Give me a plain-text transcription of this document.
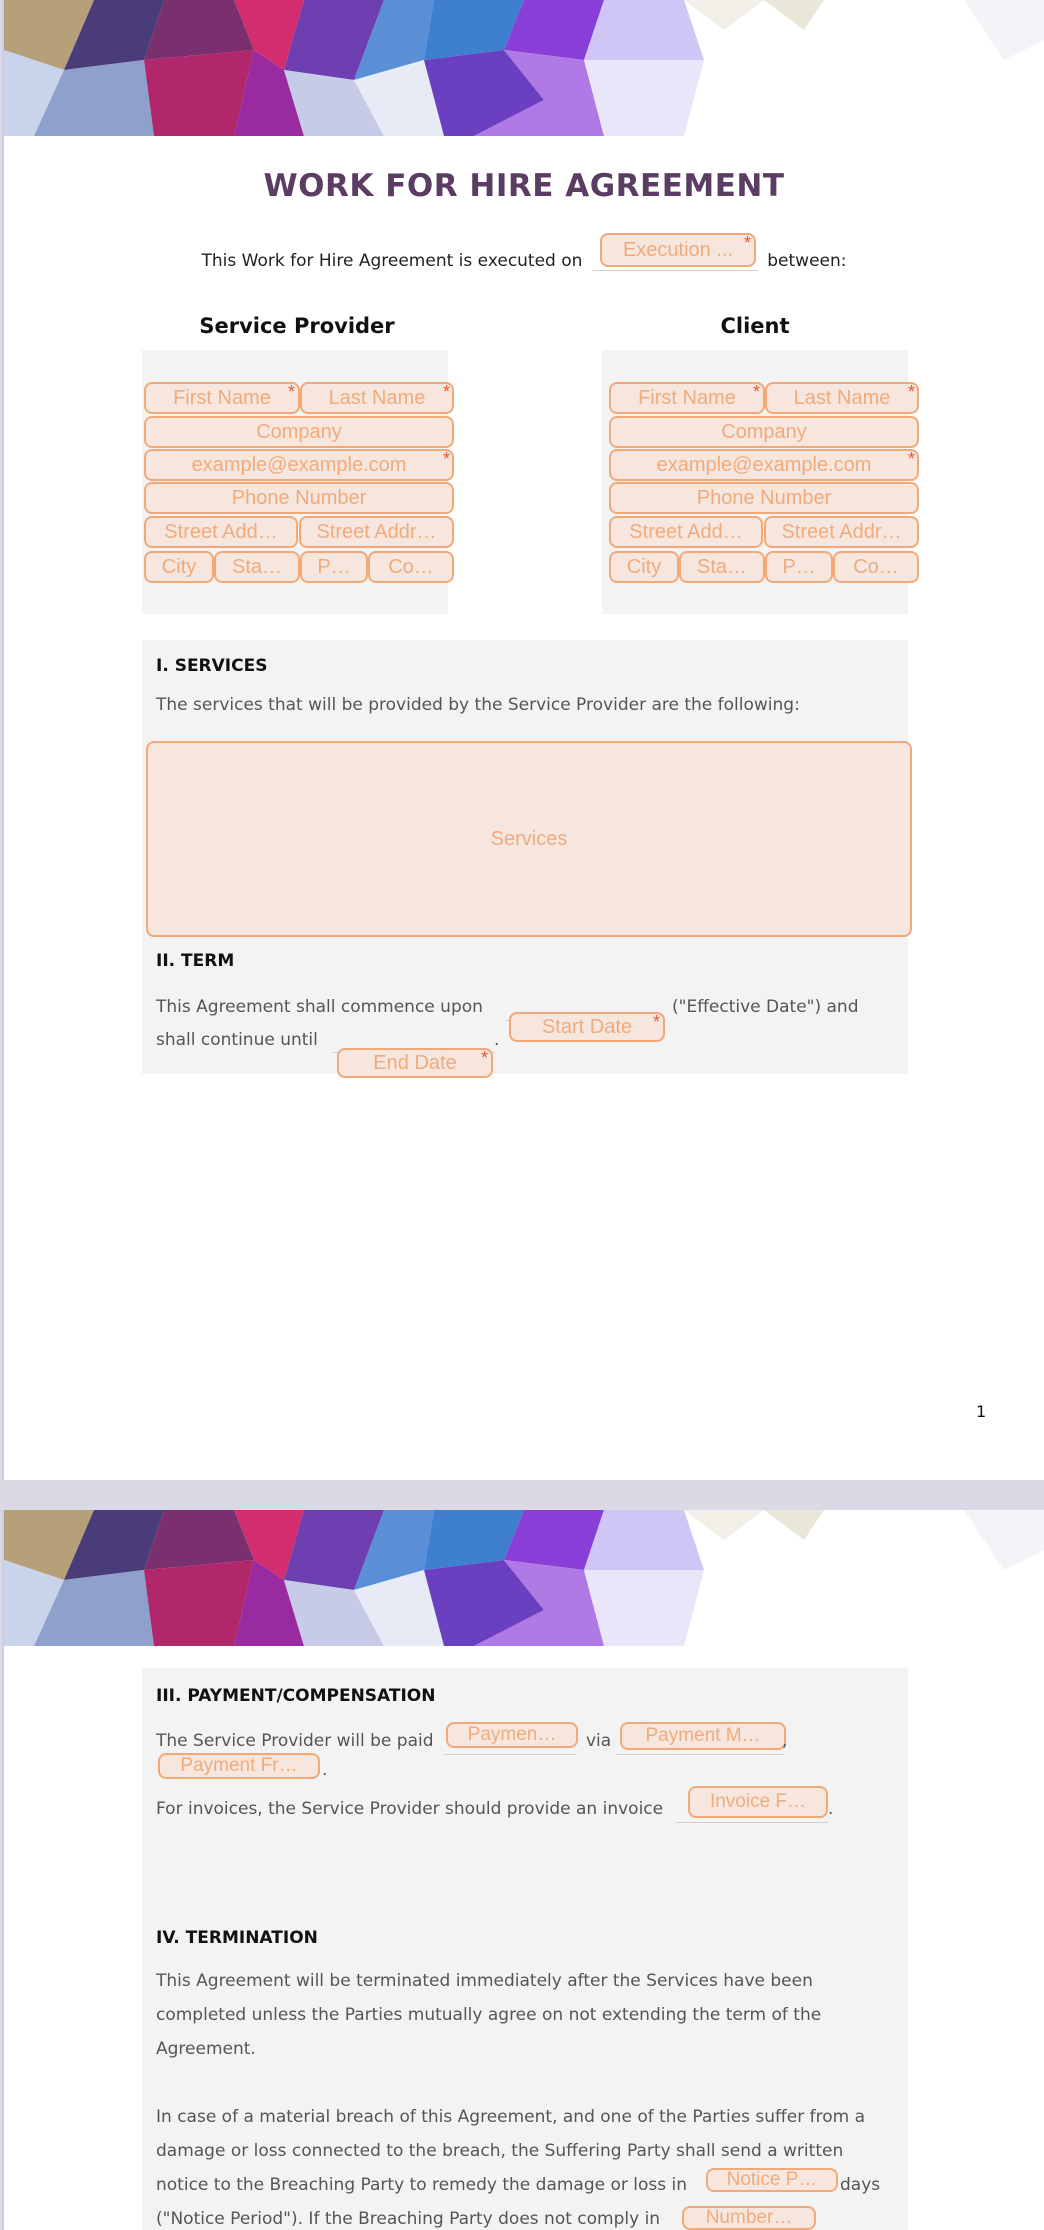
WORK FOR HIRE AGREEMENT
This Work for Hire Agreement is executed on	between:
Execution ... *
Service Provider
First Name * Last Name *
Company
example@example.com *
Phone Number
Street Add… Street Addr…
City Sta… P… Co…
Client
First Name * Last Name *
Company
example@example.com *
Phone Number
Street Add… Street Addr…
City Sta… P… Co…
I. SERVICES
The services that will be provided by the Service Provider are the following:
Services
II. TERM
This Agreement shall commence upon
Start Date *
("Effective Date") and
shall continue until	.
End Date *
1
III. PAYMENT/COMPENSATION
The Service Provider will be paid Paymen… via Payment M… ,
Payment Fr… .
For invoices, the Service Provider should provide an invoice Invoice F… .
IV. TERMINATION
This Agreement will be terminated immediately after the Services have been
completed unless the Parties mutually agree on not extending the term of the
Agreement.
In case of a material breach of this Agreement, and one of the Parties suffer from a
damage or loss connected to the breach, the Suffering Party shall send a written
notice to the Breaching Party to remedy the damage or loss in Notice P… days
("Notice Period"). If the Breaching Party does not comply in Number…
